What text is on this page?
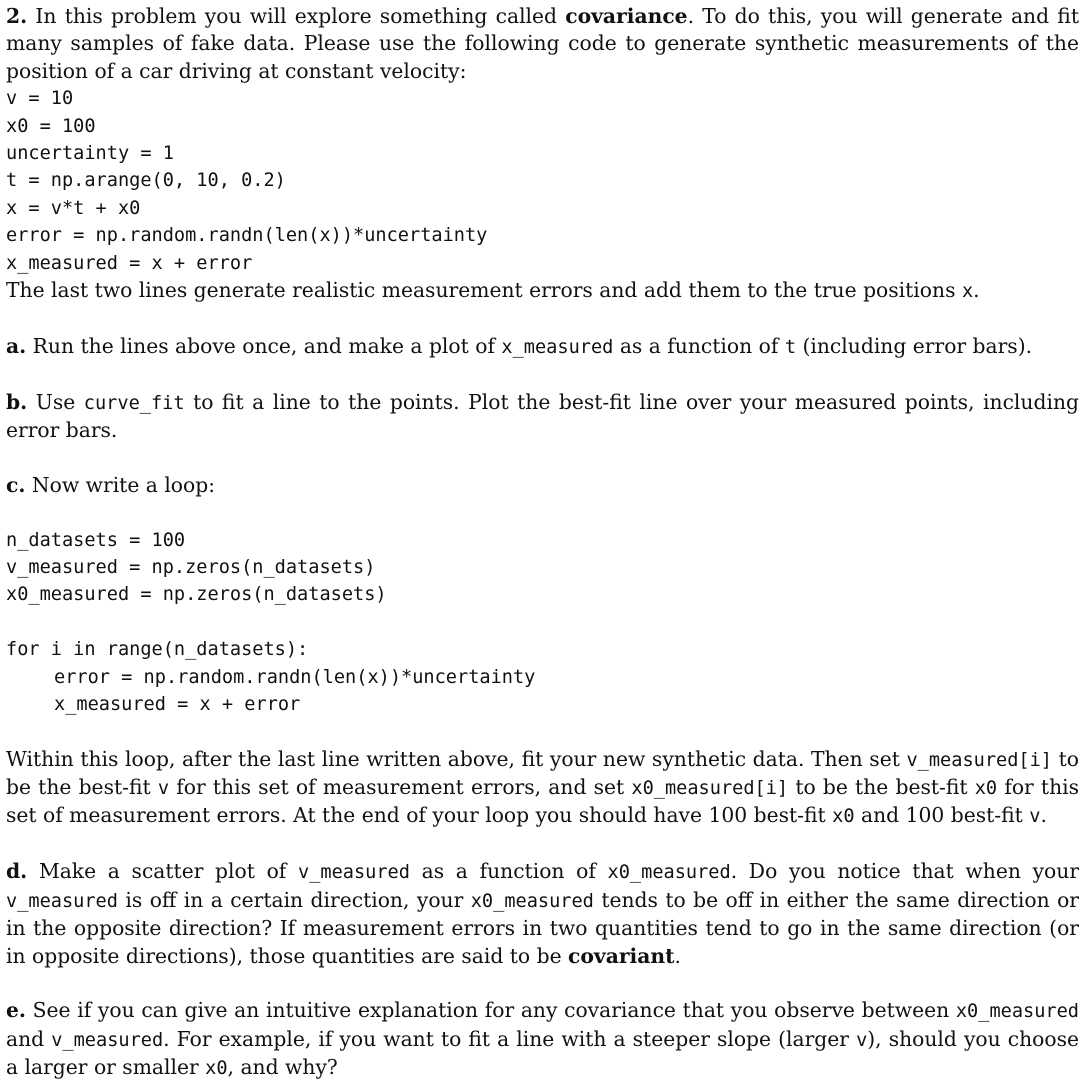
2. In this problem you will explore something called covariance. To do this, you will generate and fit many samples of fake data. Please use the following code to generate synthetic measurements of the position of a car driving at constant velocity:

v = 10

x0 = 100

uncertainty = 1

t = np.arange(0, 10, 0.2)

x = v*t + x0

error = np.random.randn(len(x))*uncertainty

x_measured = x + error

The last two lines generate realistic measurement errors and add them to the true positions x.

a. Run the lines above once, and make a plot of x_measured as a function of t (including error bars).

b. Use curve_fit to fit a line to the points. Plot the best-fit line over your measured points, including error bars.

c. Now write a loop:

n_datasets = 100

v_measured = np.zeros(n_datasets)

x0_measured = np.zeros(n_datasets)

for i in range(n_datasets):

error = np.random.randn(len(x))*uncertainty

x_measured = x + error

Within this loop, after the last line written above, fit your new synthetic data. Then set v_measured[i] to be the best-fit v for this set of measurement errors, and set x0_measured[i] to be the best-fit x0 for this set of measurement errors. At the end of your loop you should have 100 best-fit x0 and 100 best-fit v.

d. Make a scatter plot of v_measured as a function of x0_measured. Do you notice that when your v_measured is off in a certain direction, your x0_measured tends to be off in either the same direction or in the opposite direction? If measurement errors in two quantities tend to go in the same direction (or in opposite directions), those quantities are said to be covariant.

e. See if you can give an intuitive explanation for any covariance that you observe between x0_measured and v_measured. For example, if you want to fit a line with a steeper slope (larger v), should you choose a larger or smaller x0, and why?
